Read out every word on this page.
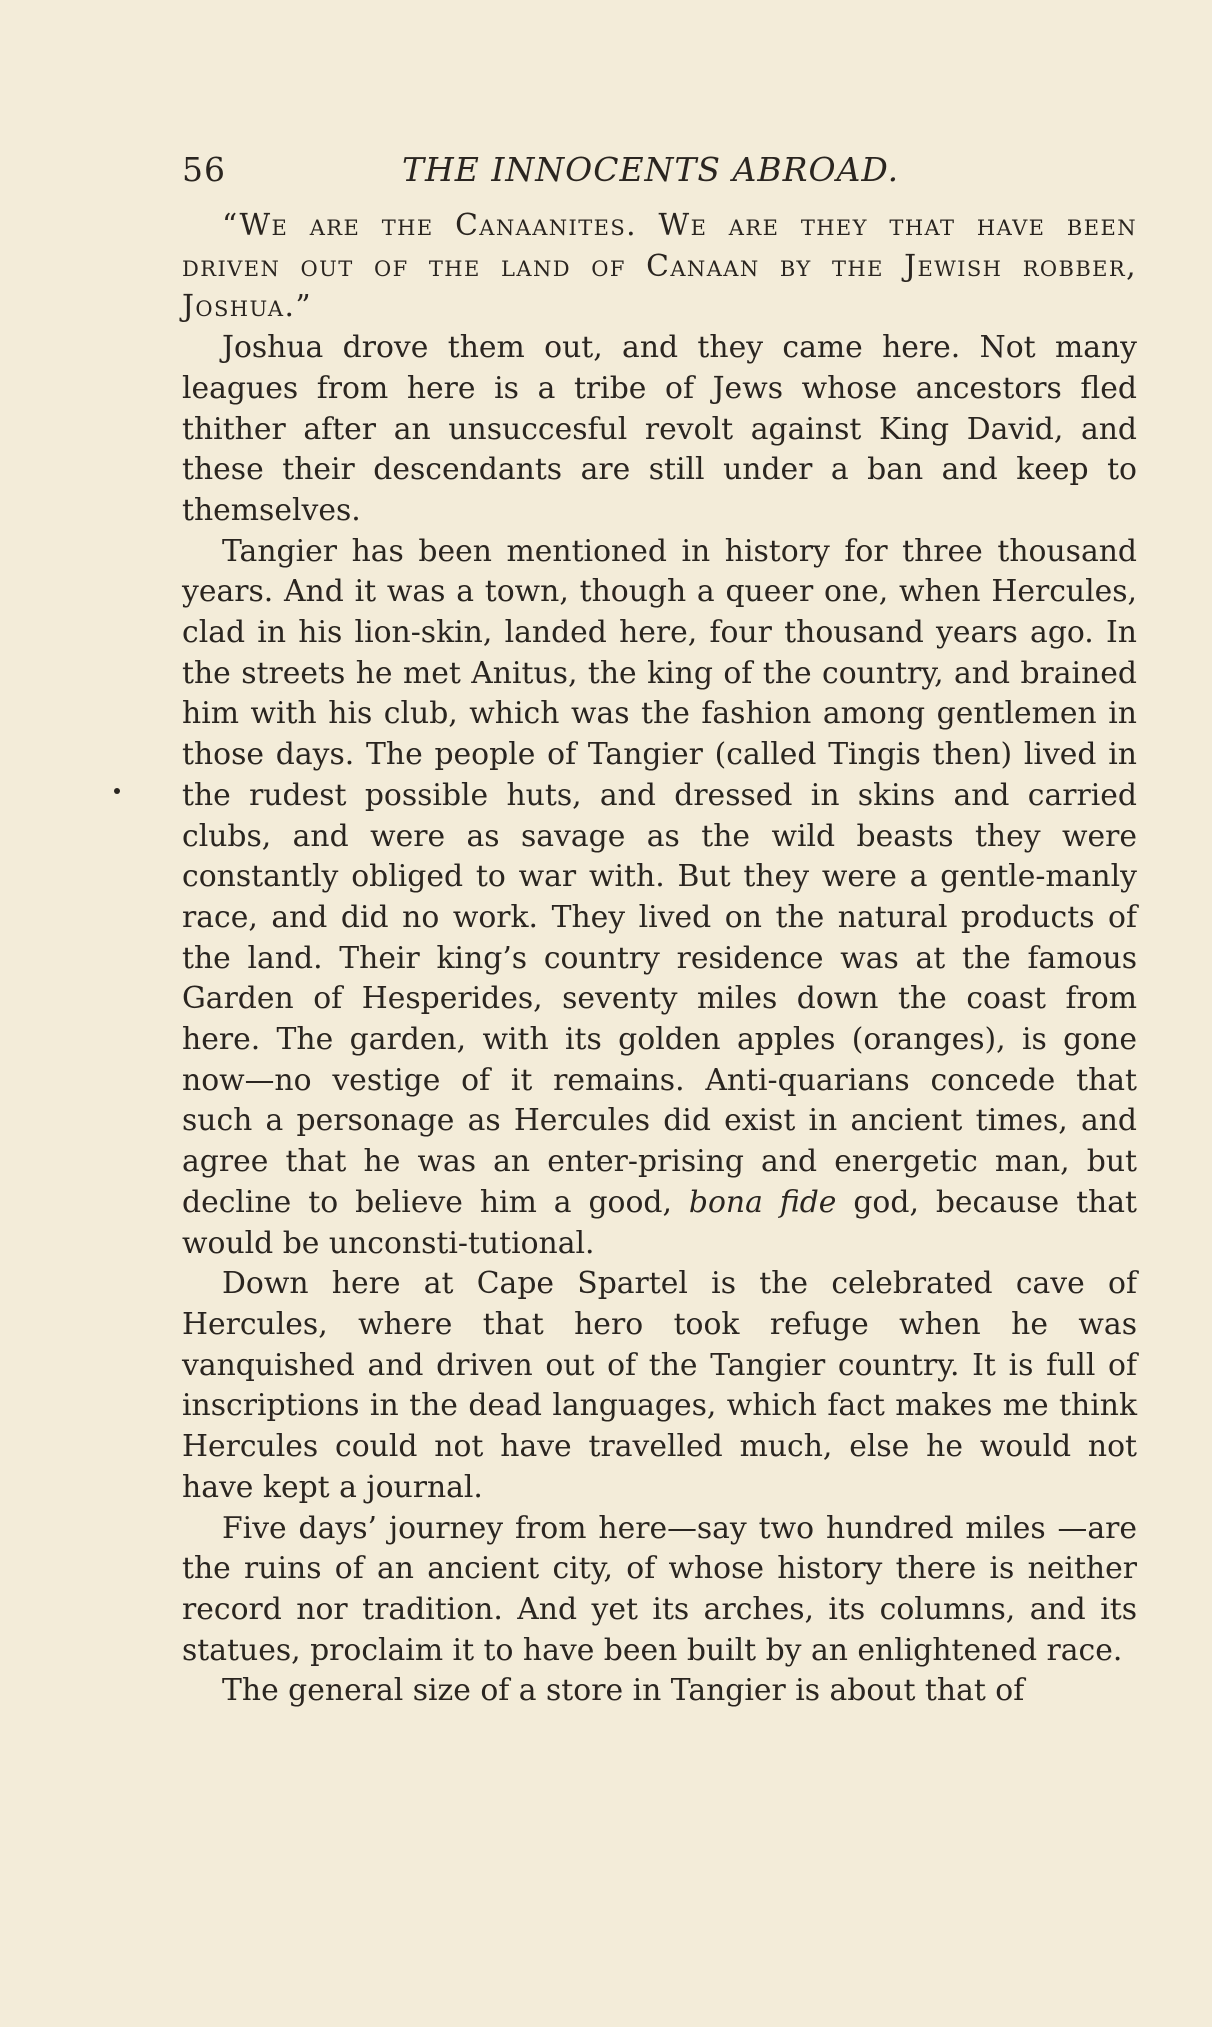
56	THE INNOCENTS ABROAD.

“We are the Canaanites. We are they that have been driven out of the land of Canaan by the Jewish robber, Joshua.”

Joshua drove them out, and they came here. Not many leagues from here is a tribe of Jews whose ancestors fled thither after an unsuccesful revolt against King David, and these their descendants are still under a ban and keep to themselves.

Tangier has been mentioned in history for three thousand years. And it was a town, though a queer one, when Hercules, clad in his lion-skin, landed here, four thousand years ago. In the streets he met Anitus, the king of the country, and brained him with his club, which was the fashion among gentlemen in those days. The people of Tangier (called Tingis then) lived in the rudest possible huts, and dressed in skins and carried clubs, and were as savage as the wild beasts they were constantly obliged to war with. But they were a gentle-manly race, and did no work. They lived on the natural products of the land. Their king’s country residence was at the famous Garden of Hesperides, seventy miles down the coast from here. The garden, with its golden apples (oranges), is gone now—no vestige of it remains. Anti-quarians concede that such a personage as Hercules did exist in ancient times, and agree that he was an enter-prising and energetic man, but decline to believe him a good, bona fide god, because that would be unconsti-tutional.

Down here at Cape Spartel is the celebrated cave of Hercules, where that hero took refuge when he was vanquished and driven out of the Tangier country. It is full of inscriptions in the dead languages, which fact makes me think Hercules could not have travelled much, else he would not have kept a journal.

Five days’ journey from here—say two hundred miles —are the ruins of an ancient city, of whose history there is neither record nor tradition. And yet its arches, its columns, and its statues, proclaim it to have been built by an enlightened race.

The general size of a store in Tangier is about that of
